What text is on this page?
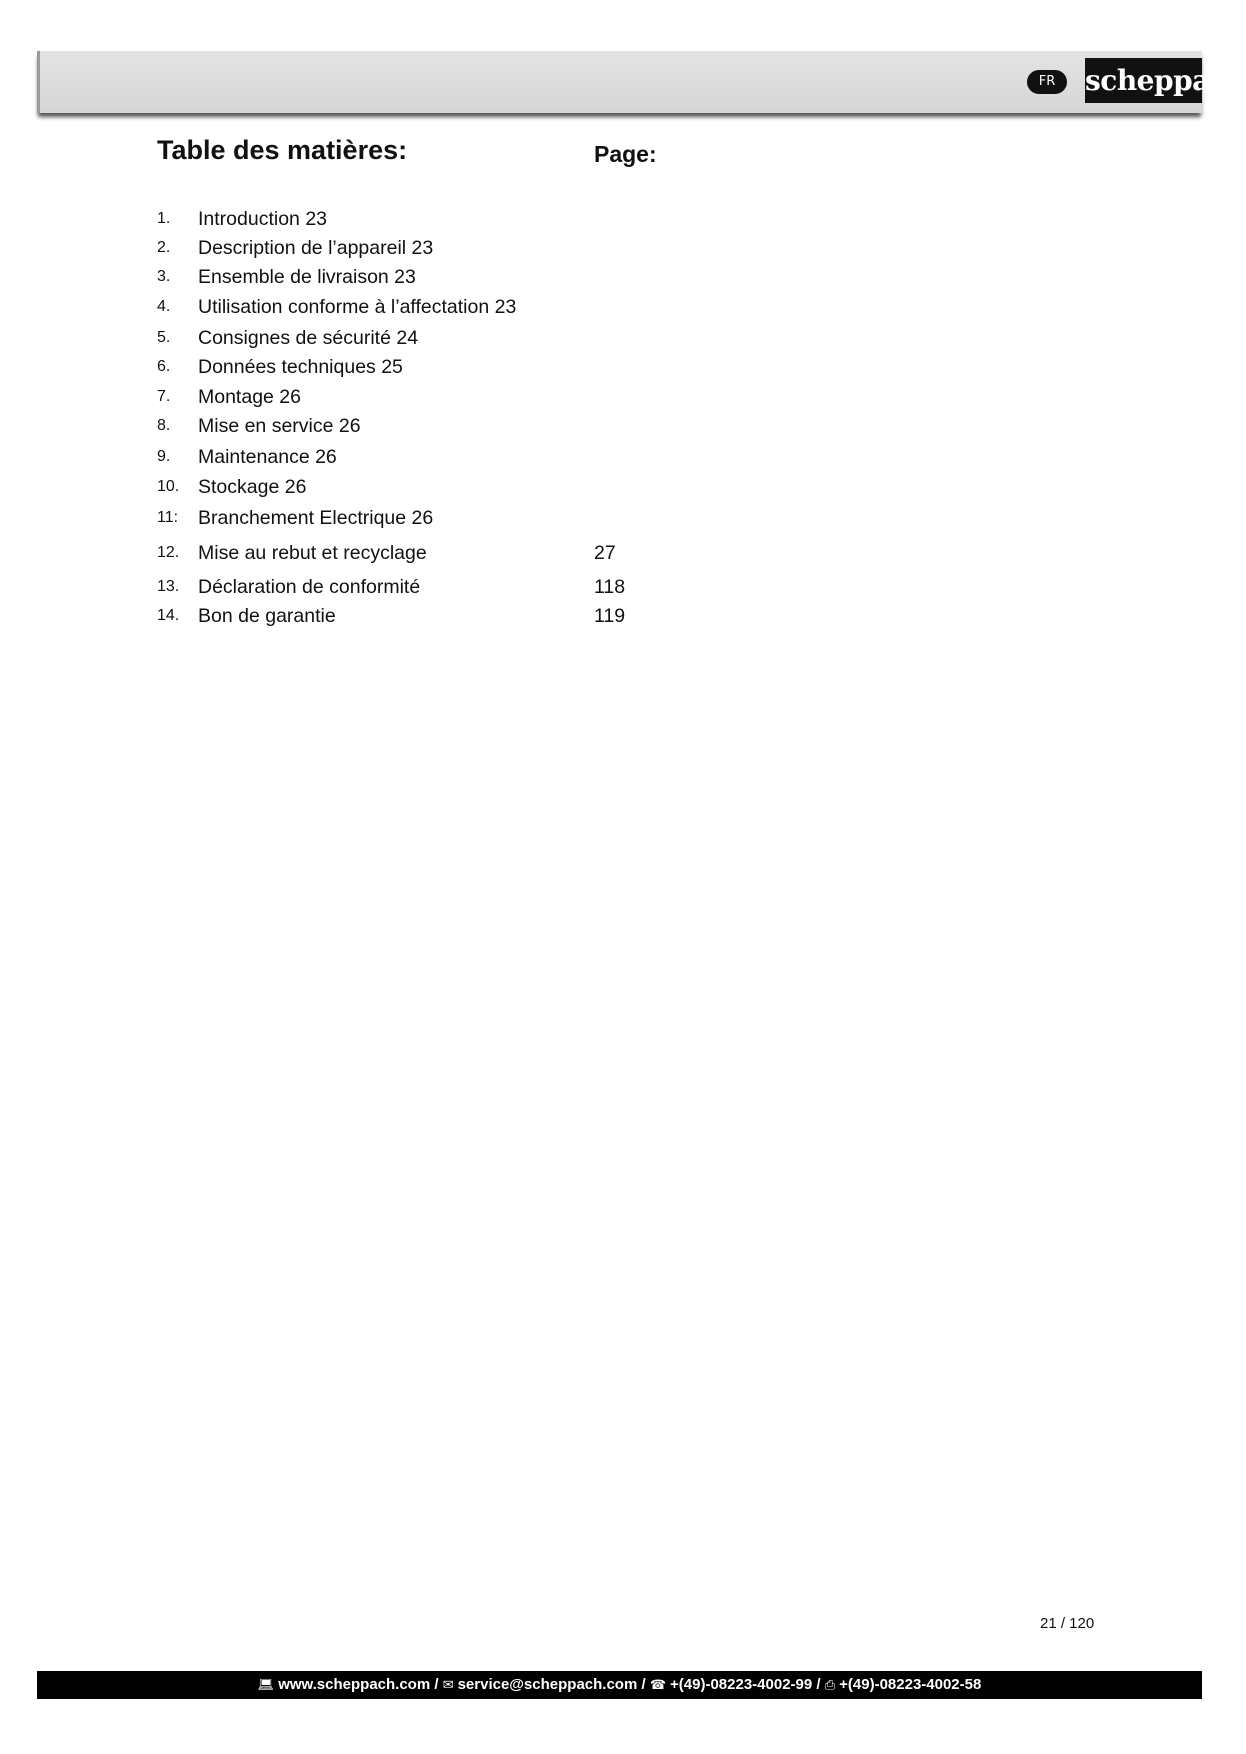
FR	scheppach
Table des matières:	Page:
1. Introduction 23
2. Description de l’appareil 23
3. Ensemble de livraison 23
4. Utilisation conforme à l’affectation 23
5. Consignes de sécurité 24
6. Données techniques 25
7. Montage 26
8. Mise en service 26
9. Maintenance 26
10. Stockage 26
11: Branchement Electrique 26
12. Mise au rebut et recyclage	27
13. Déclaration de conformité	118
14. Bon de garantie	119
21 / 120
💻︎ www.scheppach.com / ✉ service@scheppach.com / ☎ +(49)-08223-4002-99 / ⎙ +(49)-08223-4002-58
